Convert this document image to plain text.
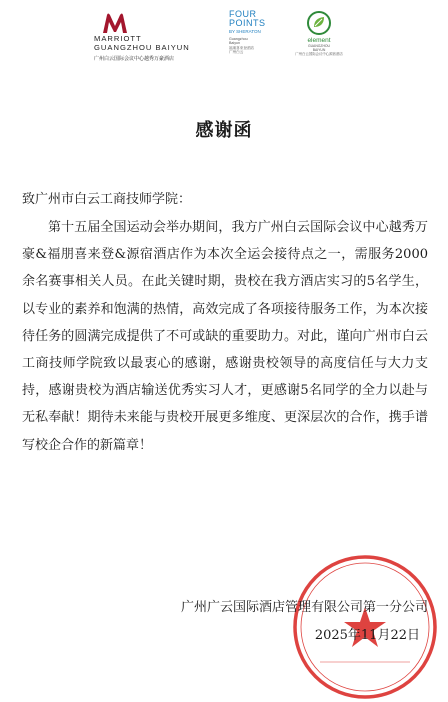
MARRIOTT
GUANGZHOU BAIYUN
广州白云国际会议中心越秀万豪酒店
FOUR
POINTS
BY SHERATON
Guangzhou
Baiyun
福朋喜来登酒店
广州白云
element
GUANGZHOU
BAIYUN
广州白云国际会议中心源宿酒店
感谢函
致广州市白云工商技师学院：
第十五届全国运动会举办期间，我方广州白云国际会议中心越秀万豪&福朋喜来登&源宿酒店作为本次全运会接待点之一，需服务2000余名赛事相关人员。在此关键时期，贵校在我方酒店实习的5名学生，以专业的素养和饱满的热情，高效完成了各项接待服务工作，为本次接待任务的圆满完成提供了不可或缺的重要助力。对此，谨向广州市白云工商技师学院致以最衷心的感谢，感谢贵校领导的高度信任与大力支持，感谢贵校为酒店输送优秀实习人才，更感谢5名同学的全力以赴与无私奉献！期待未来能与贵校开展更多维度、更深层次的合作，携手谱写校企合作的新篇章！
广州广云国际酒店管理有限公司第一分公司
2025年11月22日
